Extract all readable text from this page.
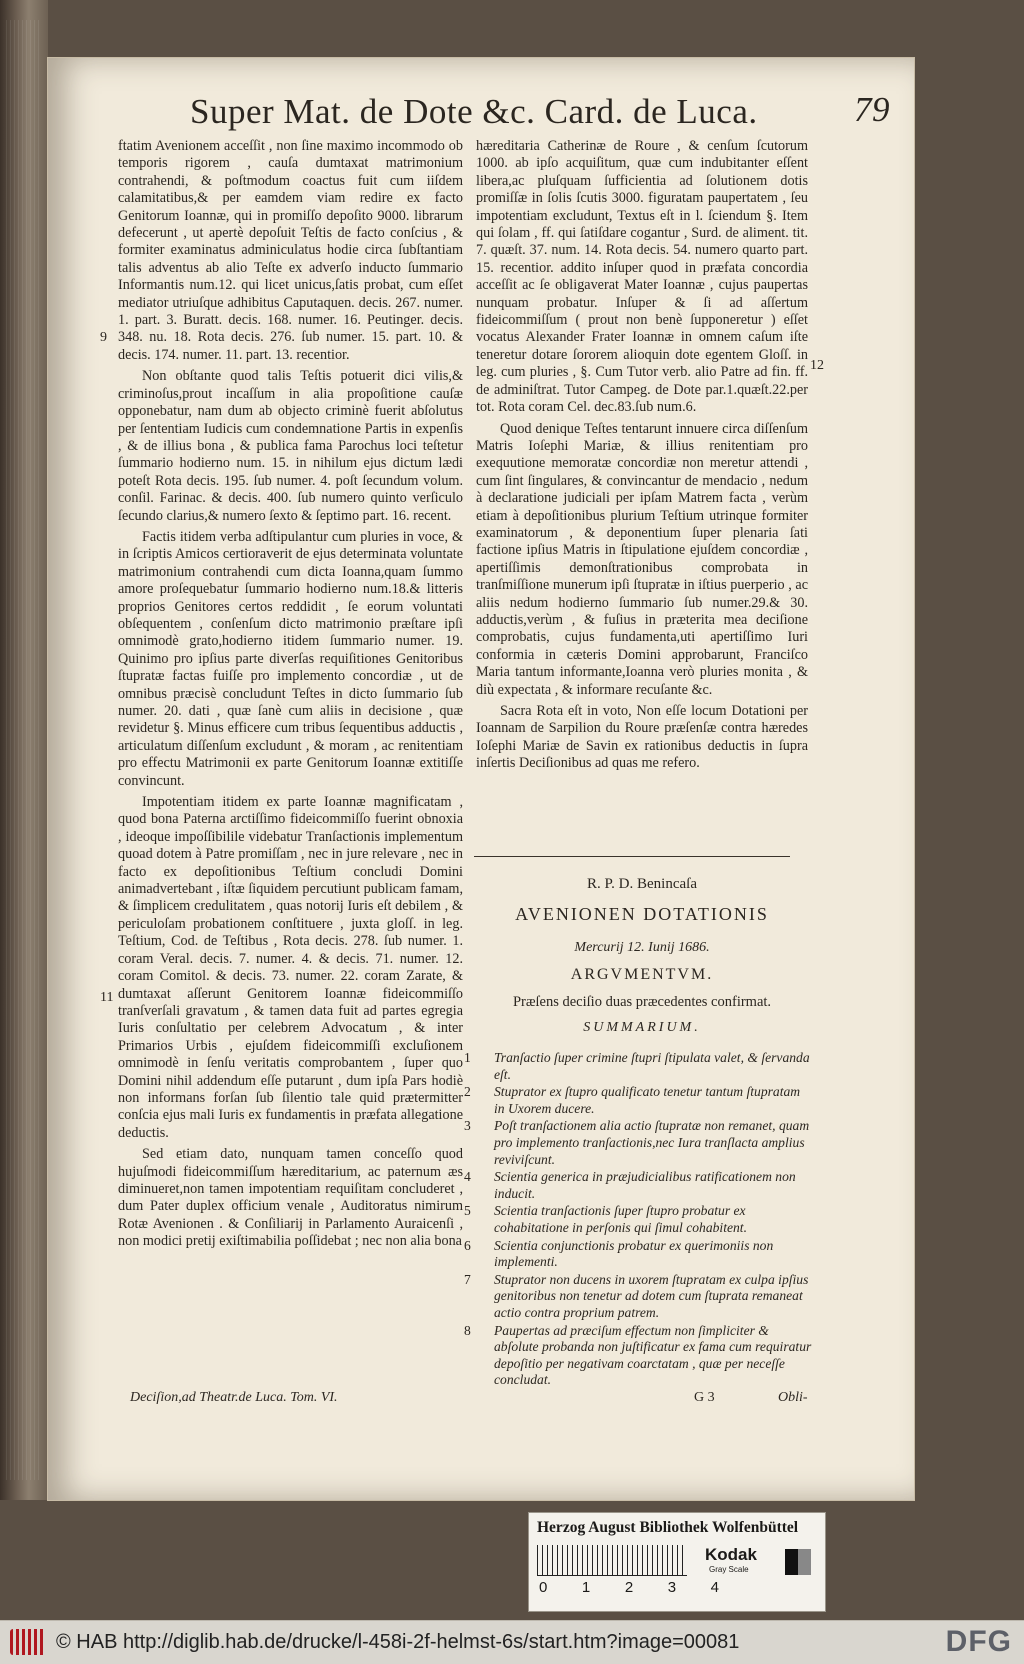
Super Mat. de Dote &c. Card. de Luca.	79
9
11
12

ftatim Avenionem acceſſit , non ſine maximo incommodo ob temporis rigorem , cauſa dumtaxat matrimonium contrahendi, & poſtmodum coactus fuit cum iiſdem calamitatibus,& per eamdem viam redire ex facto Genitorum Ioannæ, qui in promiſſo depoſito 9000. librarum defecerunt , ut apertè depoſuit Teſtis de facto conſcius , & formiter examinatus adminiculatus hodie circa ſubſtantiam talis adventus ab alio Teſte ex adverſo inducto ſummario Informantis num.12. qui licet unicus,ſatis probat, cum eſſet mediator utriuſque adhibitus Caputaquen. decis. 267. numer. 1. part. 3. Buratt. decis. 168. numer. 16. Peutinger. decis. 348. nu. 18. Rota decis. 276. ſub numer. 15. part. 10. & decis. 174. numer. 11. part. 13. recentior.

Non obſtante quod talis Teſtis potuerit dici vilis,& criminoſus,prout incaſſum in alia propoſitione cauſæ opponebatur, nam dum ab objecto criminè fuerit abſolutus per ſententiam Iudicis cum condemnatione Partis in expenſis , & de illius bona , & publica fama Parochus loci teſtetur ſummario hodierno num. 15. in nihilum ejus dictum lædi poteſt Rota decis. 195. ſub numer. 4. poſt ſecundum volum. conſil. Farinac. & decis. 400. ſub numero quinto verſiculo ſecundo clarius,& numero ſexto & ſeptimo part. 16. recent.

Factis itidem verba adſtipulantur cum pluries in voce, & in ſcriptis Amicos certioraverit de ejus determinata voluntate matrimonium contrahendi cum dicta Ioanna,quam ſummo amore proſequebatur ſummario hodierno num.18.& litteris proprios Genitores certos reddidit , ſe eorum voluntati obſequentem , conſenſum dicto matrimonio præſtare ipſi omnimodè grato,hodierno itidem ſummario numer. 19. Quinimo pro ipſius parte diverſas requiſitiones Genitoribus ſtupratæ factas fuiſſe pro implemento concordiæ , ut de omnibus præcisè concludunt Teſtes in dicto ſummario ſub numer. 20. dati , quæ ſanè cum aliis in decisione , quæ revidetur §. Minus efficere cum tribus ſequentibus adductis , articulatum diſſenſum excludunt , & moram , ac renitentiam pro effectu Matrimonii ex parte Genitorum Ioannæ extitiſſe convincunt.

Impotentiam itidem ex parte Ioannæ magnificatam , quod bona Paterna arctiſſimo fideicommiſſo fuerint obnoxia , ideoque impoſſibilile videbatur Tranſactionis implementum quoad dotem à Patre promiſſam , nec in jure relevare , nec in facto ex depoſitionibus Teſtium concludi Domini animadvertebant , iſtæ ſiquidem percutiunt publicam famam, & ſimplicem credulitatem , quas notorij Iuris eſt debilem , & periculoſam probationem conſtituere , juxta gloſſ. in leg. Teſtium, Cod. de Teſtibus , Rota decis. 278. ſub numer. 1. coram Veral. decis. 7. numer. 4. & decis. 71. numer. 12. coram Comitol. & decis. 73. numer. 22. coram Zarate, & dumtaxat aſſerunt Genitorem Ioannæ fideicommiſſo tranſverſali gravatum , & tamen data fuit ad partes egregia Iuris conſultatio per celebrem Advocatum , & inter Primarios Urbis , ejuſdem fideicommiſſi excluſionem omnimodè in ſenſu veritatis comprobantem , ſuper quo Domini nihil addendum eſſe putarunt , dum ipſa Pars hodiè non informans forſan ſub ſilentio tale quid prætermitter conſcia ejus mali Iuris ex fundamentis in præfata allegatione deductis.

Sed etiam dato, nunquam tamen conceſſo quod hujuſmodi fideicommiſſum hæreditarium, ac paternum æs diminueret,non tamen impotentiam requiſitam concluderet , dum Pater duplex officium venale , Auditoratus nimirum Rotæ Avenionen . & Conſiliarij in Parlamento Auraicenſi , non modici pretij exiſtimabilia poſſidebat ; nec non alia bona

Deciſion,ad Theatr.de Luca. Tom. VI.

hæreditaria Catherinæ de Roure , & cenſum ſcutorum 1000. ab ipſo acquiſitum, quæ cum indubitanter eſſent libera,ac pluſquam ſufficientia ad ſolutionem dotis promiſſæ in ſolis ſcutis 3000. figuratam paupertatem , ſeu impotentiam excludunt, Textus eſt in l. ſciendum §. Item qui ſolam , ff. qui ſatiſdare cogantur , Surd. de aliment. tit. 7. quæſt. 37. num. 14. Rota decis. 54. numero quarto part. 15. recentior. addito inſuper quod in præfata concordia acceſſit ac ſe obligaverat Mater Ioannæ , cujus paupertas nunquam probatur. Inſuper & ſi ad aſſertum fideicommiſſum ( prout non benè ſupponeretur ) eſſet vocatus Alexander Frater Ioannæ in omnem caſum iſte teneretur dotare ſororem alioquin dote egentem Gloſſ. in leg. cum pluries , §. Cum Tutor verb. alio Patre ad fin. ff. de adminiſtrat. Tutor Campeg. de Dote par.1.quæſt.22.per tot. Rota coram Cel. dec.83.ſub num.6.

Quod denique Teſtes tentarunt innuere circa diſſenſum Matris Ioſephi Mariæ, & illius renitentiam pro exequutione memoratæ concordiæ non meretur attendi , cum ſint ſingulares, & convincantur de mendacio , nedum à declaratione judiciali per ipſam Matrem facta , verùm etiam à depoſitionibus plurium Teſtium utrinque formiter examinatorum , & deponentium ſuper plenaria ſati factione ipſius Matris in ſtipulatione ejuſdem concordiæ , apertiſſimis demonſtrationibus comprobata in tranſmiſſione munerum ipſi ſtupratæ in iſtius puerperio , ac aliis nedum hodierno ſummario ſub numer.29.& 30. adductis,verùm , & fuſius in præterita mea deciſione comprobatis, cujus fundamenta,uti apertiſſimo Iuri conformia in cæteris Domini approbarunt, Franciſco Maria tantum informante,Ioanna verò pluries monita , & diù expectata , & informare recuſante &c.

Sacra Rota eſt in voto, Non eſſe locum Dotationi per Ioannam de Sarpilion du Roure præſenſæ contra hæredes Ioſephi Mariæ de Savin ex rationibus deductis in ſupra inſertis Deciſionibus ad quas me refero.

R. P. D. Benincaſa
AVENIONEN DOTATIONIS
Mercurij 12. Iunij 1686.
ARGVMENTVM.
Præſens deciſio duas præcedentes confirmat.
SUMMARIUM.
1	Tranſactio ſuper crimine ſtupri ſtipulata valet, & ſervanda eſt.
2	Stuprator ex ſtupro qualificato tenetur tantum ſtupratam in Uxorem ducere.
3	Poſt tranſactionem alia actio ſtupratæ non remanet, quam pro implemento tranſactionis,nec Iura tranſlacta amplius reviviſcunt.
4	Scientia generica in præjudicialibus ratificationem non inducit.
5	Scientia tranſactionis ſuper ſtupro probatur ex cohabitatione in perſonis qui ſimul cohabitent.
6	Scientia conjunctionis probatur ex querimoniis non implementi.
7	Stuprator non ducens in uxorem ſtupratam ex culpa ipſius genitoribus non tenetur ad dotem cum ſtuprata remaneat actio contra proprium patrem.
8	Paupertas ad præciſum effectum non ſimpliciter & abſolute probanda non juſtificatur ex fama cum requiratur depoſitio per negativam coarctatam , quæ per neceſſe concludat.
G 3	Obli-
Herzog August Bibliothek Wolfenbüttel
Kodak
Gray Scale
0 1 2 3 4
© HAB http://diglib.hab.de/drucke/l-458i-2f-helmst-6s/start.htm?image=00081	DFG
